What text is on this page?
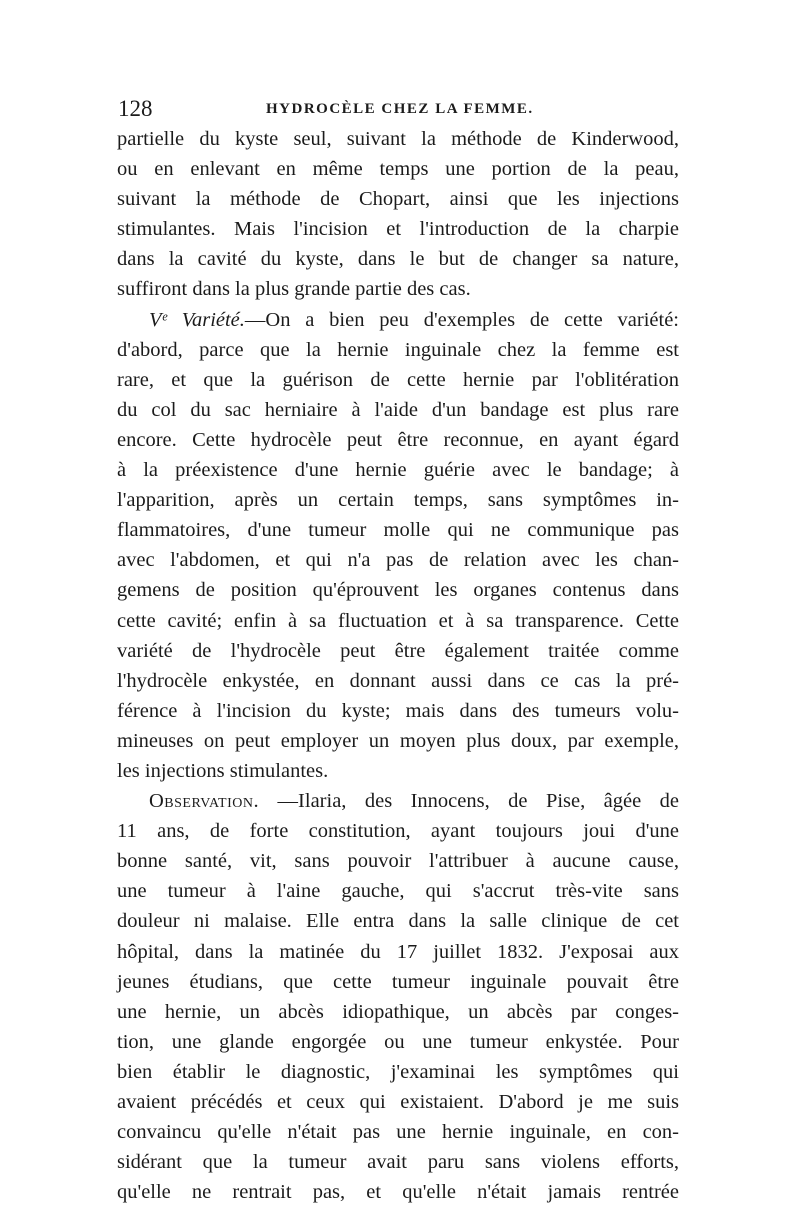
128	HYDROCÈLE CHEZ LA FEMME.
partielle du kyste seul, suivant la méthode de Kinderwood,
ou en enlevant en même temps une portion de la peau,
suivant la méthode de Chopart, ainsi que les injections
stimulantes. Mais l'incision et l'introduction de la charpie
dans la cavité du kyste, dans le but de changer sa nature,
suffiront dans la plus grande partie des cas.
Vᵉ Variété.—On a bien peu d'exemples de cette variété:
d'abord, parce que la hernie inguinale chez la femme est
rare, et que la guérison de cette hernie par l'oblitération
du col du sac herniaire à l'aide d'un bandage est plus rare
encore. Cette hydrocèle peut être reconnue, en ayant égard
à la préexistence d'une hernie guérie avec le bandage; à
l'apparition, après un certain temps, sans symptômes in-
flammatoires, d'une tumeur molle qui ne communique pas
avec l'abdomen, et qui n'a pas de relation avec les chan-
gemens de position qu'éprouvent les organes contenus dans
cette cavité; enfin à sa fluctuation et à sa transparence. Cette
variété de l'hydrocèle peut être également traitée comme
l'hydrocèle enkystée, en donnant aussi dans ce cas la pré-
férence à l'incision du kyste; mais dans des tumeurs volu-
mineuses on peut employer un moyen plus doux, par exemple,
les injections stimulantes.
Observation. —Ilaria, des Innocens, de Pise, âgée de
11 ans, de forte constitution, ayant toujours joui d'une
bonne santé, vit, sans pouvoir l'attribuer à aucune cause,
une tumeur à l'aine gauche, qui s'accrut très-vite sans
douleur ni malaise. Elle entra dans la salle clinique de cet
hôpital, dans la matinée du 17 juillet 1832. J'exposai aux
jeunes étudians, que cette tumeur inguinale pouvait être
une hernie, un abcès idiopathique, un abcès par conges-
tion, une glande engorgée ou une tumeur enkystée. Pour
bien établir le diagnostic, j'examinai les symptômes qui
avaient précédés et ceux qui existaient. D'abord je me suis
convaincu qu'elle n'était pas une hernie inguinale, en con-
sidérant que la tumeur avait paru sans violens efforts,
qu'elle ne rentrait pas, et qu'elle n'était jamais rentrée
